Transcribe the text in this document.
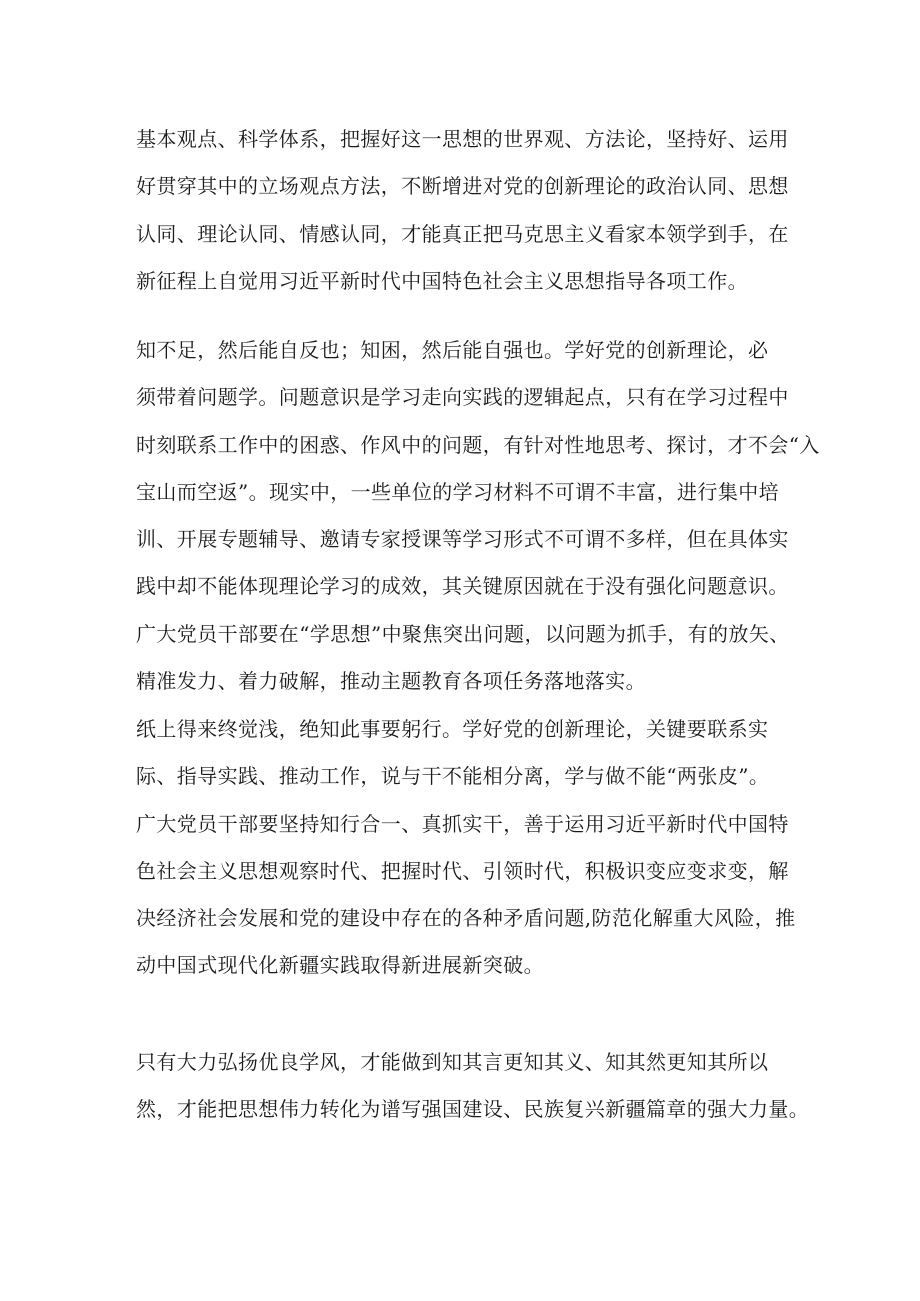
基本观点、科学体系，把握好这一思想的世界观、方法论，坚持好、运用
好贯穿其中的立场观点方法，不断增进对党的创新理论的政治认同、思想
认同、理论认同、情感认同，才能真正把马克思主义看家本领学到手，在
新征程上自觉用习近平新时代中国特色社会主义思想指导各项工作。
知不足，然后能自反也；知困，然后能自强也。学好党的创新理论，必
须带着问题学。问题意识是学习走向实践的逻辑起点，只有在学习过程中
时刻联系工作中的困惑、作风中的问题，有针对性地思考、探讨，才不会“入
宝山而空返”。现实中，一些单位的学习材料不可谓不丰富，进行集中培
训、开展专题辅导、邀请专家授课等学习形式不可谓不多样，但在具体实
践中却不能体现理论学习的成效，其关键原因就在于没有强化问题意识。
广大党员干部要在“学思想”中聚焦突出问题，以问题为抓手，有的放矢、
精准发力、着力破解，推动主题教育各项任务落地落实。
纸上得来终觉浅，绝知此事要躬行。学好党的创新理论，关键要联系实
际、指导实践、推动工作，说与干不能相分离，学与做不能“两张皮”。
广大党员干部要坚持知行合一、真抓实干，善于运用习近平新时代中国特
色社会主义思想观察时代、把握时代、引领时代，积极识变应变求变，解
决经济社会发展和党的建设中存在的各种矛盾问题,防范化解重大风险，推
动中国式现代化新疆实践取得新进展新突破。
只有大力弘扬优良学风，才能做到知其言更知其义、知其然更知其所以
然，才能把思想伟力转化为谱写强国建设、民族复兴新疆篇章的强大力量。
